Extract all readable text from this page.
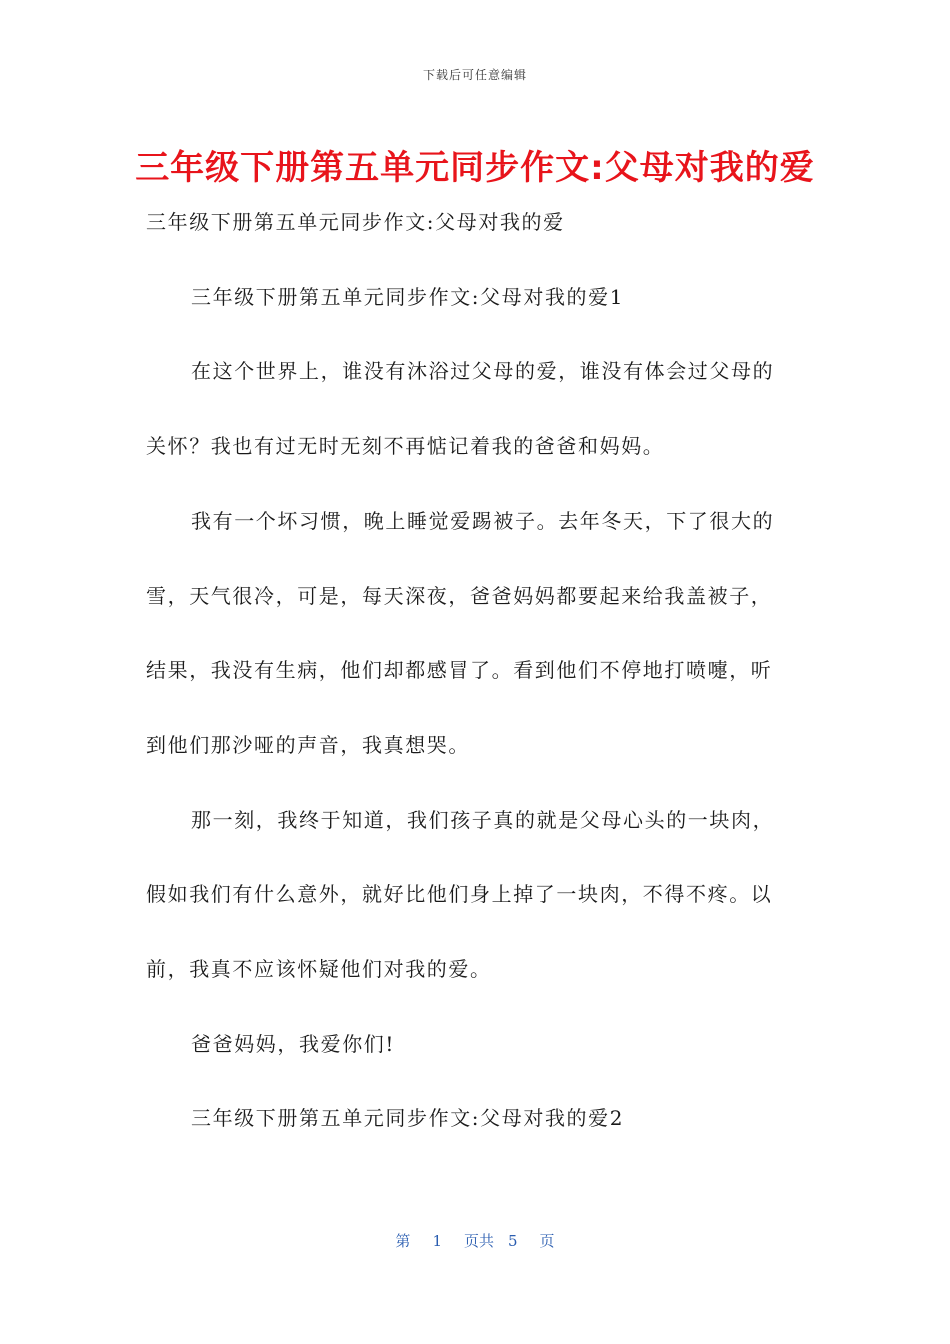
下载后可任意编辑
三年级下册第五单元同步作文:父母对我的爱
三年级下册第五单元同步作文:父母对我的爱
三年级下册第五单元同步作文:父母对我的爱1
在这个世界上，谁没有沐浴过父母的爱，谁没有体会过父母的
关怀？我也有过无时无刻不再惦记着我的爸爸和妈妈。
我有一个坏习惯，晚上睡觉爱踢被子。去年冬天，下了很大的
雪，天气很冷，可是，每天深夜，爸爸妈妈都要起来给我盖被子，
结果，我没有生病，他们却都感冒了。看到他们不停地打喷嚏，听
到他们那沙哑的声音，我真想哭。
那一刻，我终于知道，我们孩子真的就是父母心头的一块肉，
假如我们有什么意外，就好比他们身上掉了一块肉，不得不疼。以
前，我真不应该怀疑他们对我的爱。
爸爸妈妈，我爱你们!
三年级下册第五单元同步作文:父母对我的爱2
第 1 页共 5 页
